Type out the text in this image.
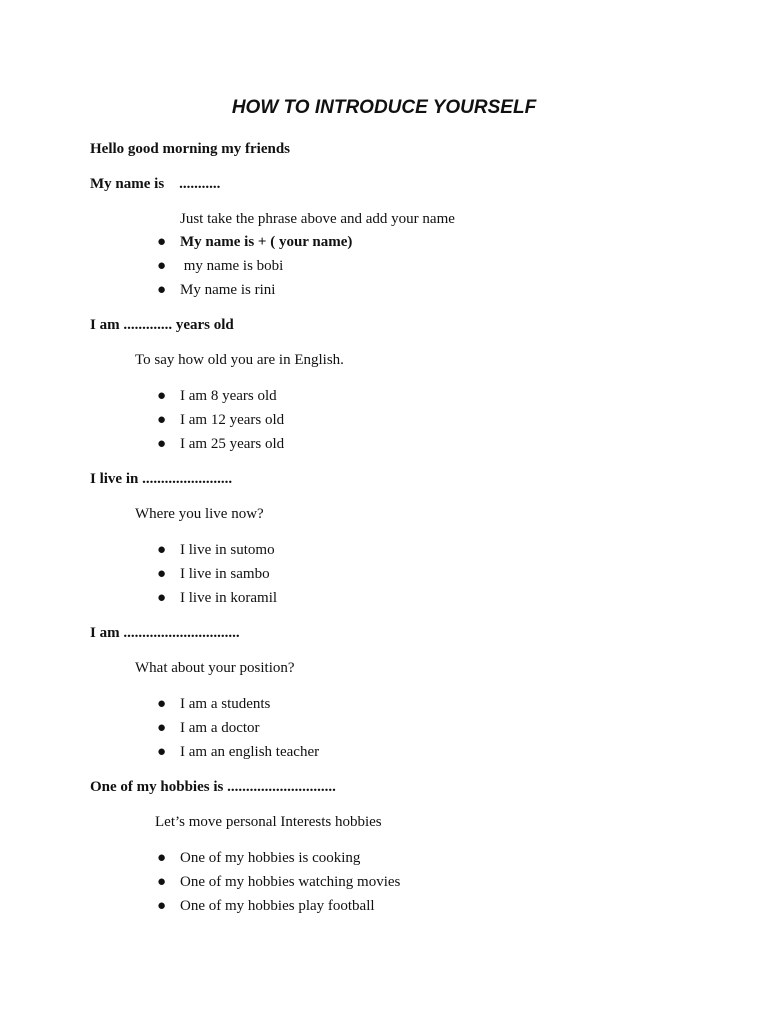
HOW TO INTRODUCE YOURSELF
Hello good morning my friends
My name is    ...........
Just take the phrase above and add your name
● My name is + ( your name)
● my name is bobi
● My name is rini
I am ............. years old
To say how old you are in English.
● I am 8 years old
● I am 12 years old
● I am 25 years old
I live in ........................
Where you live now?
● I live in sutomo
● I live in sambo
● I live in koramil
I am ...............................
What about your position?
● I am a students
● I am a doctor
● I am an english teacher
One of my hobbies is .............................
Let’s move personal Interests hobbies
● One of my hobbies is cooking
● One of my hobbies watching movies
● One of my hobbies play football
